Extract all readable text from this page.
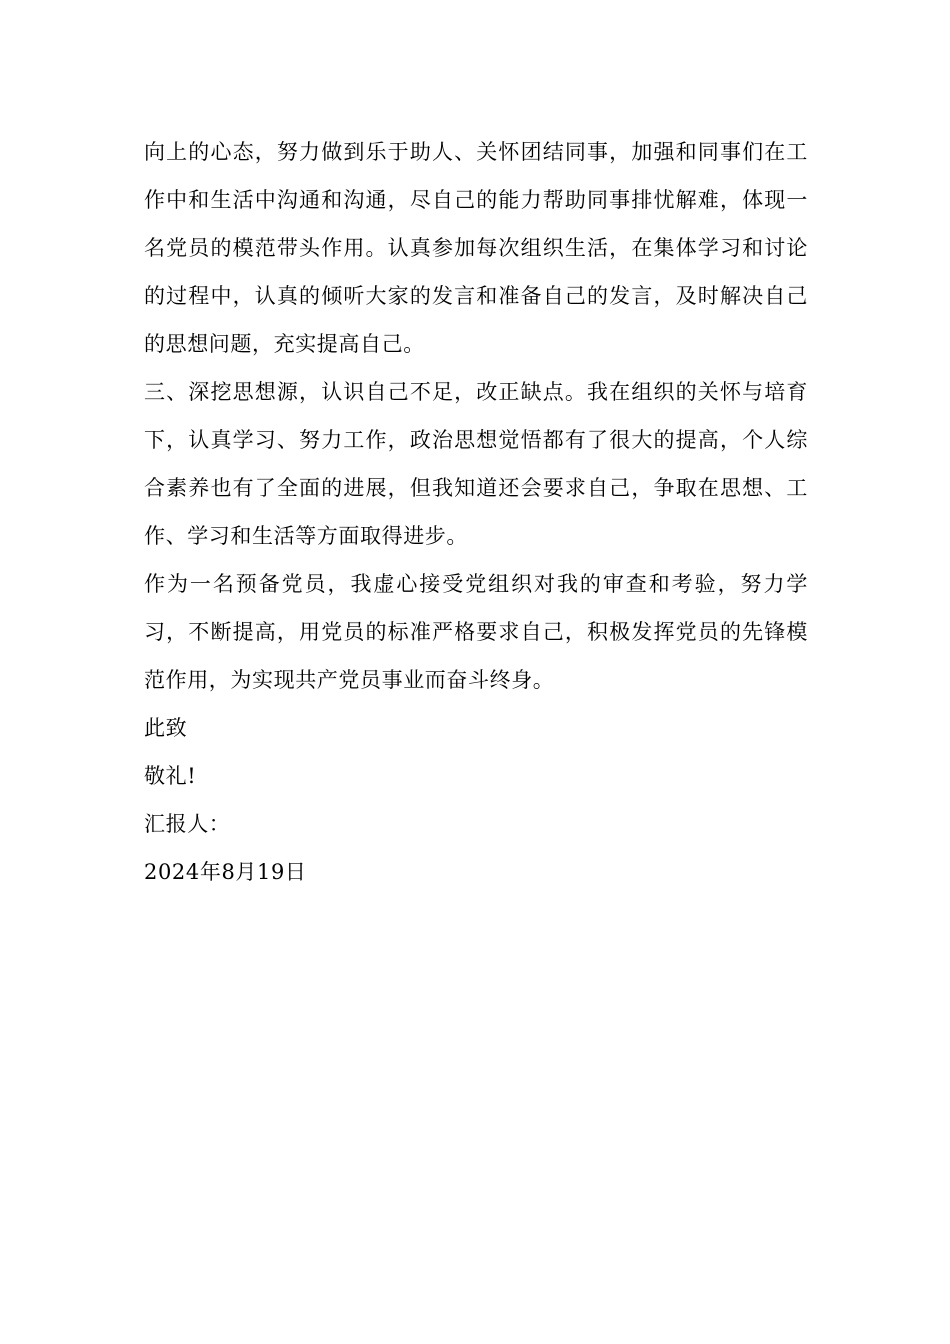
向上的心态，努力做到乐于助人、关怀团结同事，加强和同事们在工作中和生活中沟通和沟通，尽自己的能力帮助同事排忧解难，体现一名党员的模范带头作用。认真参加每次组织生活，在集体学习和讨论的过程中，认真的倾听大家的发言和准备自己的发言，及时解决自己的思想问题，充实提高自己。

三、深挖思想源，认识自己不足，改正缺点。我在组织的关怀与培育下，认真学习、努力工作，政治思想觉悟都有了很大的提高，个人综合素养也有了全面的进展，但我知道还会要求自己，争取在思想、工作、学习和生活等方面取得进步。

作为一名预备党员，我虚心接受党组织对我的审查和考验，努力学习，不断提高，用党员的标准严格要求自己，积极发挥党员的先锋模范作用，为实现共产党员事业而奋斗终身。

此致

敬礼!

汇报人：

2024年8月19日
